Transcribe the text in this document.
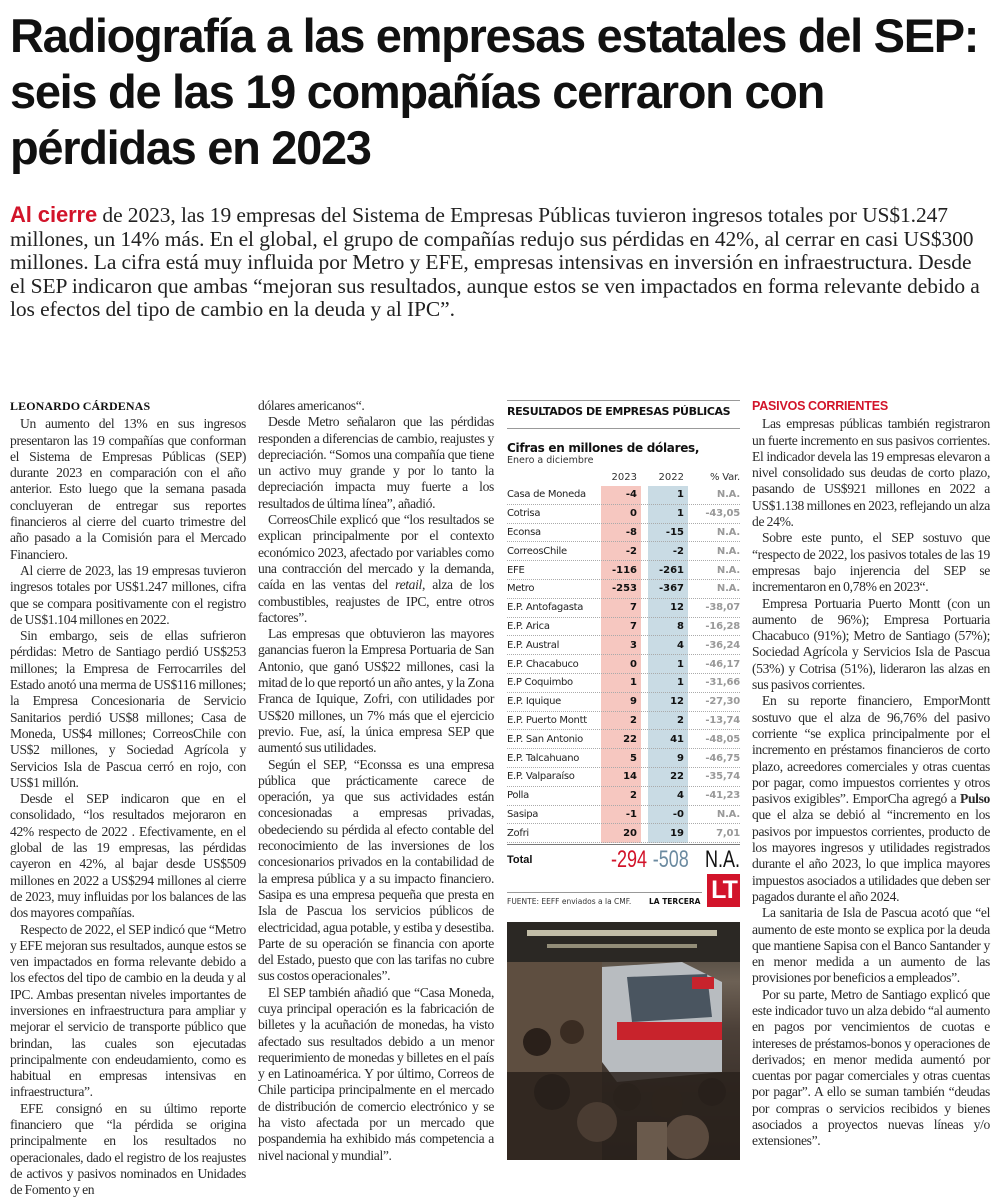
Radiografía a las empresas estatales del SEP: seis de las 19 compañías cerraron con pérdidas en 2023
Al cierre de 2023, las 19 empresas del Sistema de Empresas Públicas tuvieron ingresos totales por US$1.247 millones, un 14% más. En el global, el grupo de compañías redujo sus pérdidas en 42%, al cerrar en casi US$300 millones. La cifra está muy influida por Metro y EFE, empresas intensivas en inversión en infraestructura. Desde el SEP indicaron que ambas “mejoran sus resultados, aunque estos se ven impactados en forma relevante debido a los efectos del tipo de cambio en la deuda y al IPC”.
LEONARDO CÁRDENAS

Un aumento del 13% en sus ingresos presentaron las 19 compañías que conforman el Sistema de Empresas Públicas (SEP) durante 2023 en comparación con el año anterior. Esto luego que la semana pasada concluyeran de entregar sus reportes financieros al cierre del cuarto trimestre del año pasado a la Comisión para el Mercado Financiero.

Al cierre de 2023, las 19 empresas tuvieron ingresos totales por US$1.247 millones, cifra que se compara positivamente con el registro de US$1.104 millones en 2022.

Sin embargo, seis de ellas sufrieron pérdidas: Metro de Santiago perdió US$253 millones; la Empresa de Ferrocarriles del Estado anotó una merma de US$116 millones; la Empresa Concesionaria de Servicio Sanitarios perdió US$8 millones; Casa de Moneda, US$4 millones; CorreosChile con US$2 millones, y Sociedad Agrícola y Servicios Isla de Pascua cerró en rojo, con US$1 millón.

Desde el SEP indicaron que en el consolidado, “los resultados mejoraron en 42% respecto de 2022 . Efectivamente, en el global de las 19 empresas, las pérdidas cayeron en 42%, al bajar desde US$509 millones en 2022 a US$294 millones al cierre de 2023, muy influidas por los balances de las dos mayores compañías.

Respecto de 2022, el SEP indicó que “Metro y EFE mejoran sus resultados, aunque estos se ven impactados en forma relevante debido a los efectos del tipo de cambio en la deuda y al IPC. Ambas presentan niveles importantes de inversiones en infraestructura para ampliar y mejorar el servicio de transporte público que brindan, las cuales son ejecutadas principalmente con endeudamiento, como es habitual en empresas intensivas en infraestructura”.

EFE consignó en su último reporte financiero que “la pérdida se origina principalmente en los resultados no operacionales, dado el registro de los reajustes de activos y pasivos nominados en Unidades de Fomento y en

dólares americanos“.

Desde Metro señalaron que las pérdidas responden a diferencias de cambio, reajustes y depreciación. “Somos una compañía que tiene un activo muy grande y por lo tanto la depreciación impacta muy fuerte a los resultados de última línea”, añadió.

CorreosChile explicó que “los resultados se explican principalmente por el contexto económico 2023, afectado por variables como una contracción del mercado y la demanda, caída en las ventas del retail, alza de los combustibles, reajustes de IPC, entre otros factores”.

Las empresas que obtuvieron las mayores ganancias fueron la Empresa Portuaria de San Antonio, que ganó US$22 millones, casi la mitad de lo que reportó un año antes, y la Zona Franca de Iquique, Zofri, con utilidades por US$20 millones, un 7% más que el ejercicio previo. Fue, así, la única empresa SEP que aumentó sus utilidades.

Según el SEP, “Econssa es una empresa pública que prácticamente carece de operación, ya que sus actividades están concesionadas a empresas privadas, obedeciendo su pérdida al efecto contable del reconocimiento de las inversiones de los concesionarios privados en la contabilidad de la empresa pública y a su impacto financiero. Sasipa es una empresa pequeña que presta en Isla de Pascua los servicios públicos de electricidad, agua potable, y estiba y desestiba. Parte de su operación se financia con aporte del Estado, puesto que con las tarifas no cubre sus costos operacionales”.

El SEP también añadió que “Casa Moneda, cuya principal operación es la fabricación de billetes y la acuñación de monedas, ha visto afectado sus resultados debido a un menor requerimiento de monedas y billetes en el país y en Latinoamérica. Y por último, Correos de Chile participa principalmente en el mercado de distribución de comercio electrónico y se ha visto afectada por un mercado que pospandemia ha exhibido más competencia a nivel nacional y mundial”.

PASIVOS CORRIENTES

Las empresas públicas también registraron un fuerte incremento en sus pasivos corrientes. El indicador devela las 19 empresas elevaron a nivel consolidado sus deudas de corto plazo, pasando de US$921 millones en 2022 a US$1.138 millones en 2023, reflejando un alza de 24%.

Sobre este punto, el SEP sostuvo que “respecto de 2022, los pasivos totales de las 19 empresas bajo injerencia del SEP se incrementaron en 0,78% en 2023“.

Empresa Portuaria Puerto Montt (con un aumento de 96%); Empresa Portuaria Chacabuco (91%); Metro de Santiago (57%); Sociedad Agrícola y Servicios Isla de Pascua (53%) y Cotrisa (51%), lideraron las alzas en sus pasivos corrientes.

En su reporte financiero, EmporMontt sostuvo que el alza de 96,76% del pasivo corriente “se explica principalmente por el incremento en préstamos financieros de corto plazo, acreedores comerciales y otras cuentas por pagar, como impuestos corrientes y otros pasivos exigibles”. EmporCha agregó a Pulso que el alza se debió al “incremento en los pasivos por impuestos corrientes, producto de los mayores ingresos y utilidades registrados durante el año 2023, lo que implica mayores impuestos asociados a utilidades que deben ser pagados durante el año 2024.

La sanitaria de Isla de Pascua acotó que “el aumento de este monto se explica por la deuda que mantiene Sapisa con el Banco Santander y en menor medida a un aumento de las provisiones por beneficios a empleados”.

Por su parte, Metro de Santiago explicó que este indicador tuvo un alza debido “al aumento en pagos por vencimientos de cuotas e intereses de préstamos-bonos y operaciones de derivados; en menor medida aumentó por cuentas por pagar comerciales y otras cuentas por pagar”. A ello se suman también “deudas por compras o servicios recibidos y bienes asociados a proyectos nuevas líneas y/o extensiones”.

RESULTADOS DE EMPRESAS PÚBLICAS
Cifras en millones de dólares,
Enero a diciembre
2023	2022	% Var.
Casa de Moneda	-4	1	N.A.
Cotrisa	0	1	-43,05
Econsa	-8	-15	N.A.
CorreosChile	-2	-2	N.A.
EFE	-116	-261	N.A.
Metro	-253	-367	N.A.
E.P. Antofagasta	7	12	-38,07
E.P. Arica	7	8	-16,28
E.P. Austral	3	4	-36,24
E.P. Chacabuco	0	1	-46,17
E.P Coquimbo	1	1	-31,66
E.P. Iquique	9	12	-27,30
E.P. Puerto Montt	2	2	-13,74
E.P. San Antonio	22	41	-48,05
E.P. Talcahuano	5	9	-46,75
E.P. Valparaíso	14	22	-35,74
Polla	2	4	-41,23
Sasipa	-1	-0	N.A.
Zofri	20	19	7,01
Total	-294 -508 N.A.
FUENTE: EEFF enviados a la CMF. LA TERCERA LT
